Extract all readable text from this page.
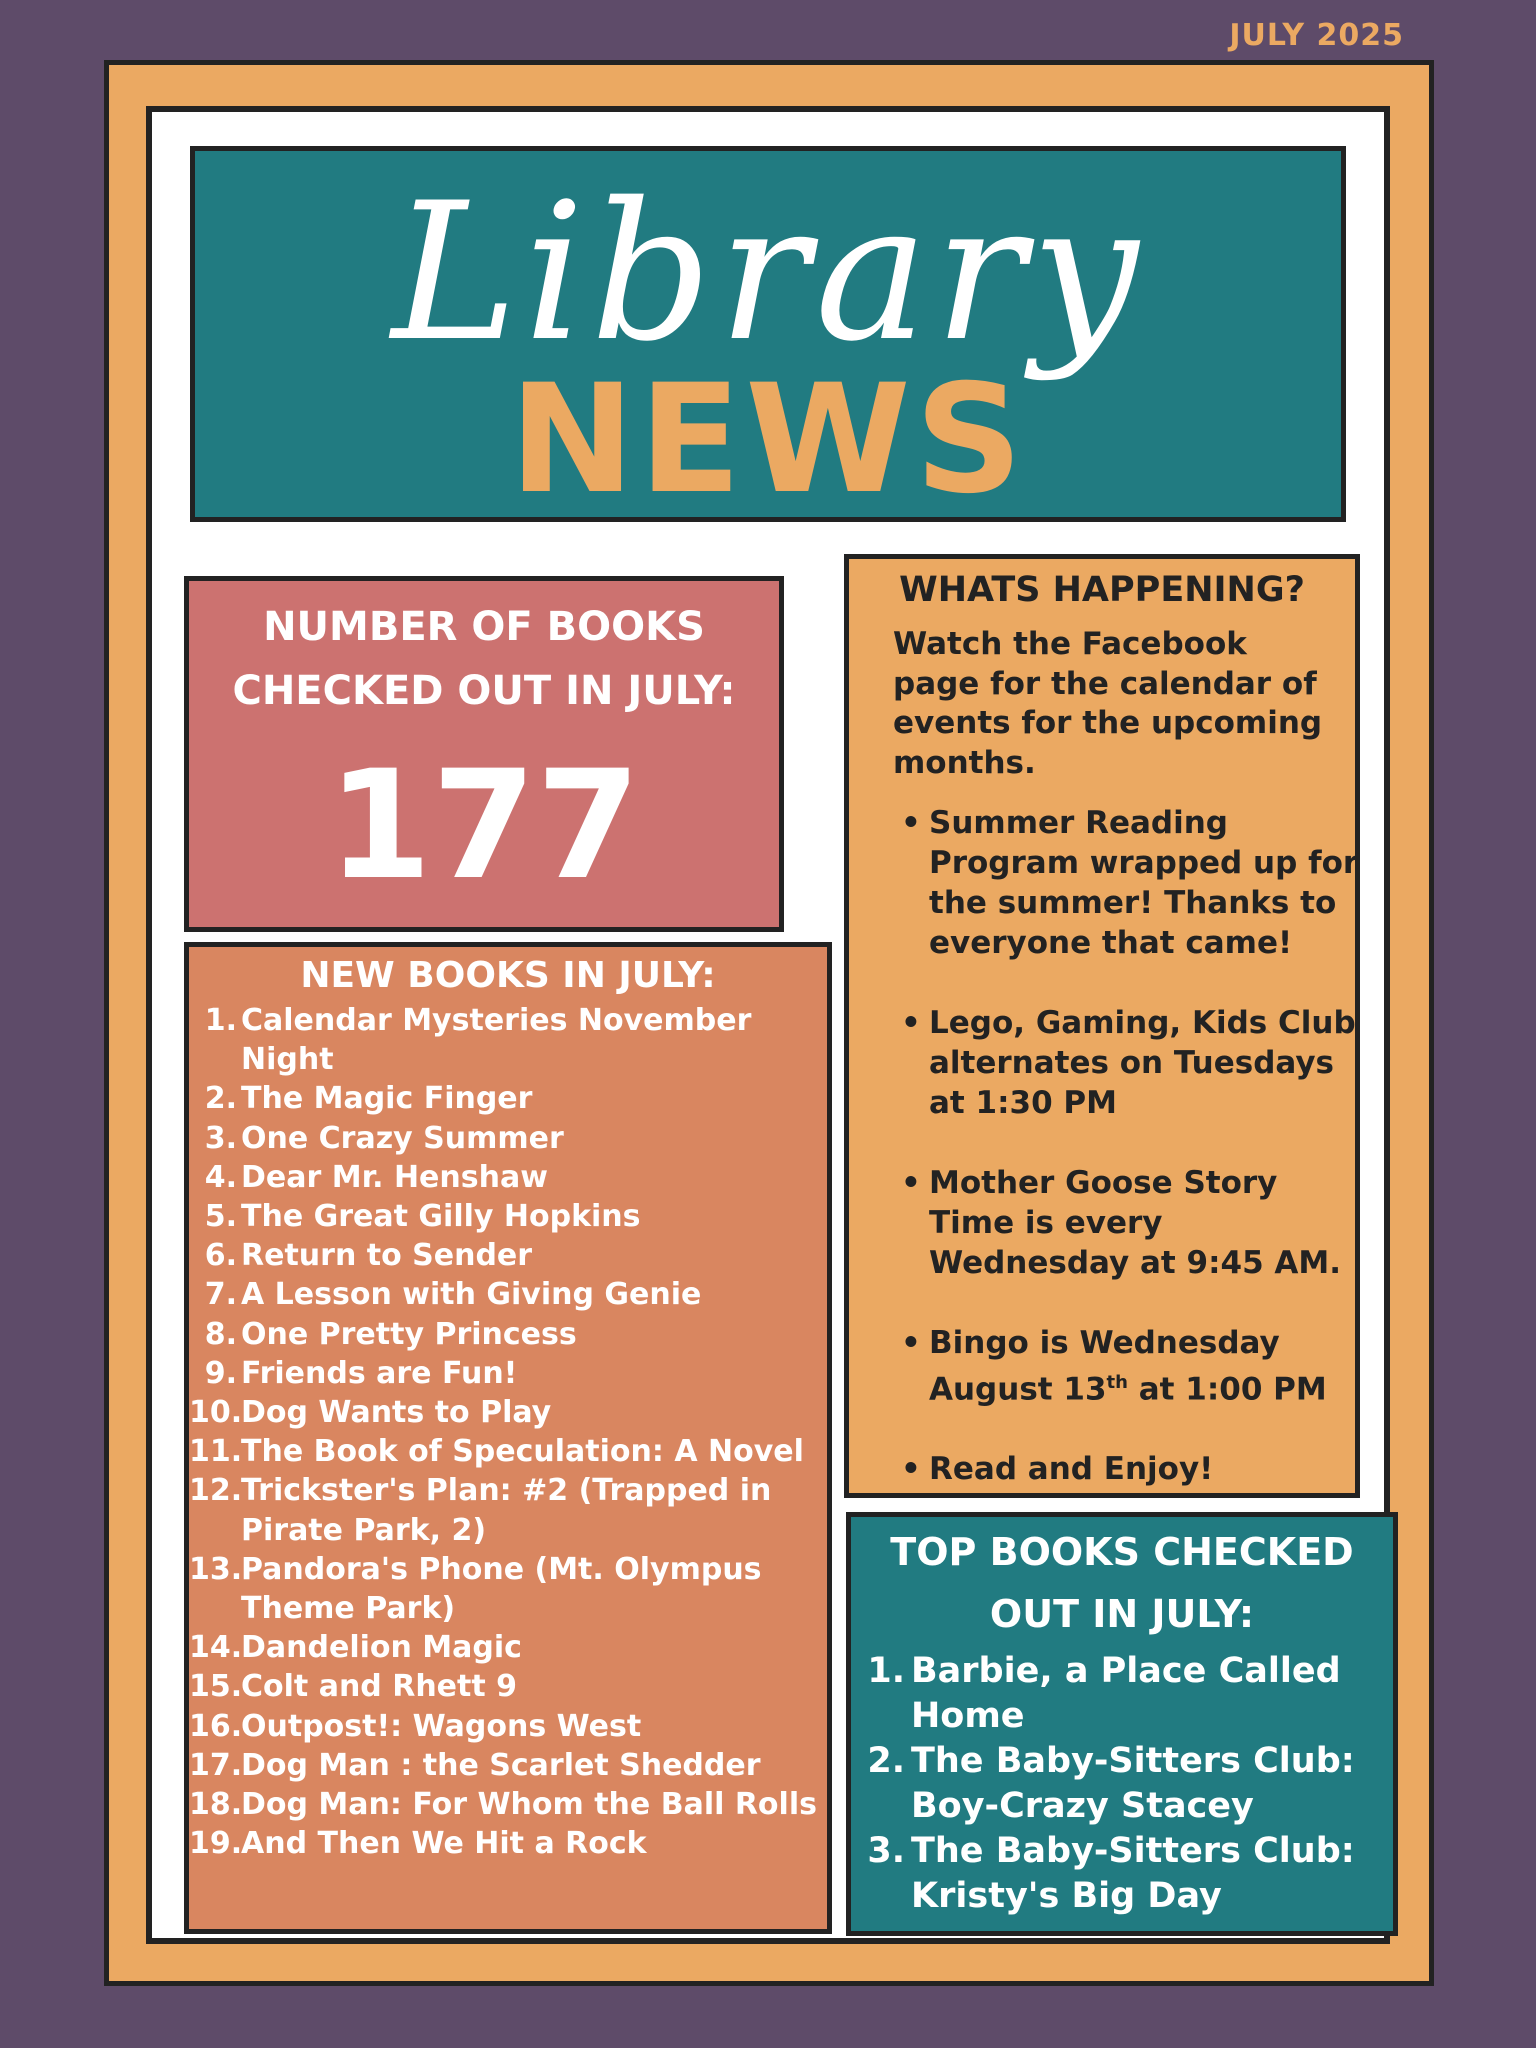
JULY 2025
Library
NEWS
NUMBER OF BOOKS CHECKED OUT IN JULY:
177
NEW BOOKS IN JULY:
1. Calendar Mysteries November Night
2. The Magic Finger
3. One Crazy Summer
4. Dear Mr. Henshaw
5. The Great Gilly Hopkins
6. Return to Sender
7. A Lesson with Giving Genie
8. One Pretty Princess
9. Friends are Fun!
10.
Dog Wants to Play
11.
The Book of Speculation: A Novel
12.
Trickster's Plan: #2 (Trapped in Pirate Park, 2)
13.
Pandora's Phone (Mt. Olympus Theme Park)
14.
Dandelion Magic
15.
Colt and Rhett 9
16.
Outpost!: Wagons West
17.
Dog Man : the Scarlet Shedder
18.
Dog Man: For Whom the Ball Rolls
19.
And Then We Hit a Rock
WHATS HAPPENING?
Watch the Facebook page for the calendar of events for the upcoming months.
• Summer Reading Program wrapped up for the summer! Thanks to everyone that came!
• Lego, Gaming, Kids Club alternates on Tuesdays at 1:30 PM
• Mother Goose Story Time is every Wednesday at 9:45 AM.
• Bingo is Wednesday August 13th at 1:00 PM
• Read and Enjoy!
TOP BOOKS CHECKED OUT IN JULY:
1. Barbie, a Place Called Home
2. The Baby-Sitters Club: Boy-Crazy Stacey
3. The Baby-Sitters Club: Kristy's Big Day
